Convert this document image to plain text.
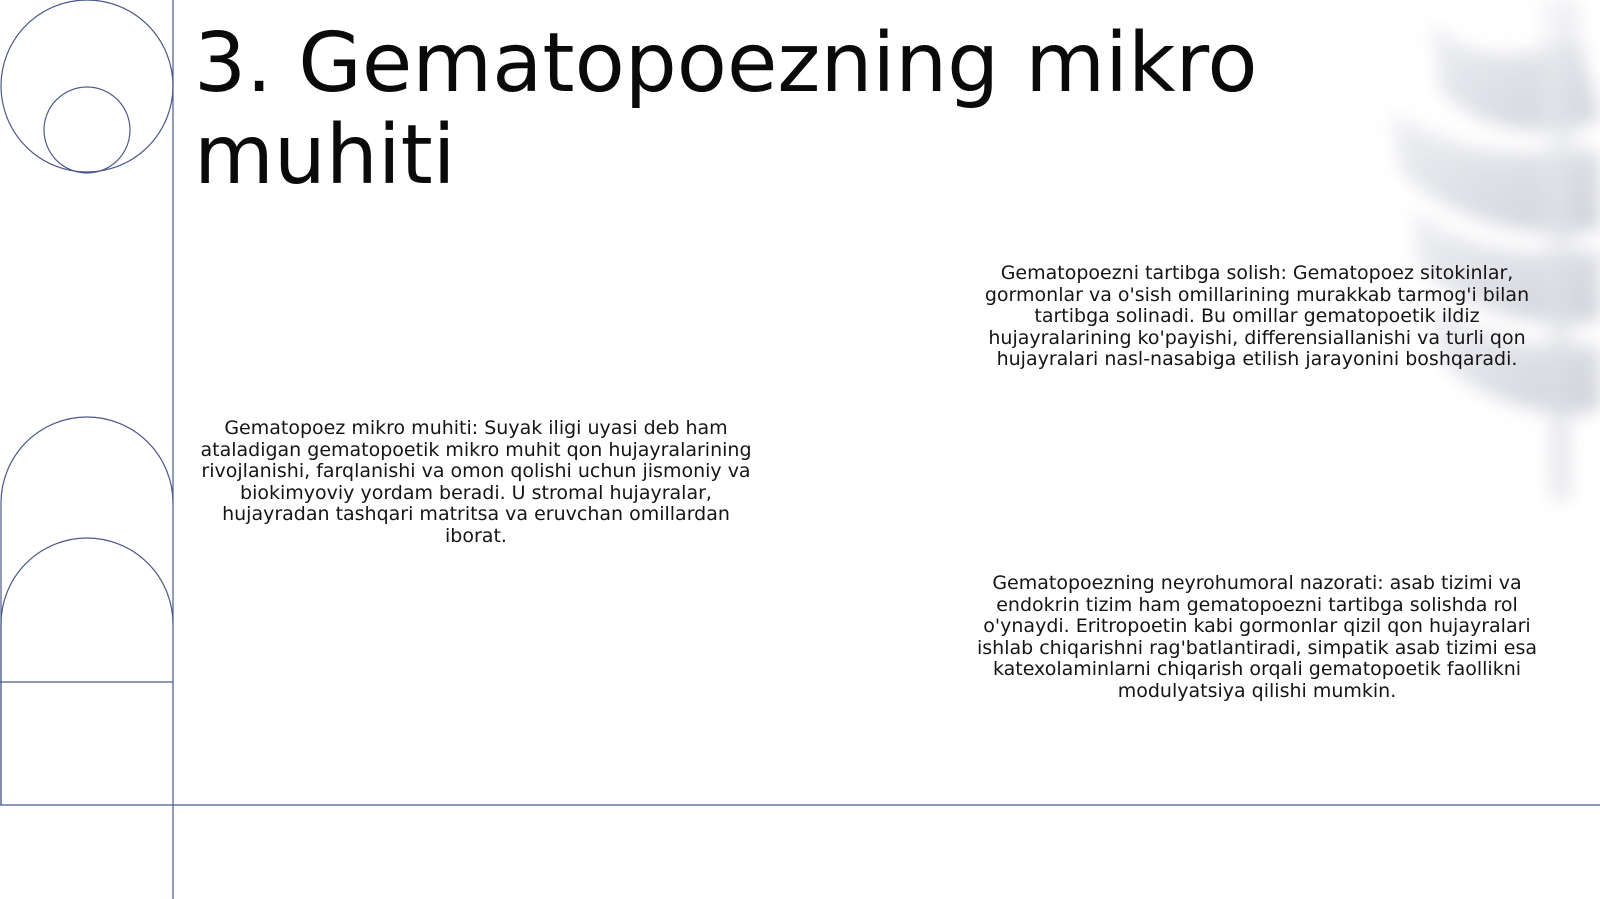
3. Gematopoezning mikro muhiti

Gematopoez mikro muhiti: Suyak iligi uyasi deb ham ataladigan gematopoetik mikro muhit qon hujayralarining rivojlanishi, farqlanishi va omon qolishi uchun jismoniy va biokimyoviy yordam beradi. U stromal hujayralar, hujayradan tashqari matritsa va eruvchan omillardan iborat.

Gematopoezni tartibga solish: Gematopoez sitokinlar, gormonlar va o'sish omillarining murakkab tarmog'i bilan tartibga solinadi. Bu omillar gematopoetik ildiz hujayralarining ko'payishi, differensiallanishi va turli qon hujayralari nasl-nasabiga etilish jarayonini boshqaradi.

Gematopoezning neyrohumoral nazorati: asab tizimi va endokrin tizim ham gematopoezni tartibga solishda rol o'ynaydi. Eritropoetin kabi gormonlar qizil qon hujayralari ishlab chiqarishni rag'batlantiradi, simpatik asab tizimi esa katexolaminlarni chiqarish orqali gematopoetik faollikni modulyatsiya qilishi mumkin.
